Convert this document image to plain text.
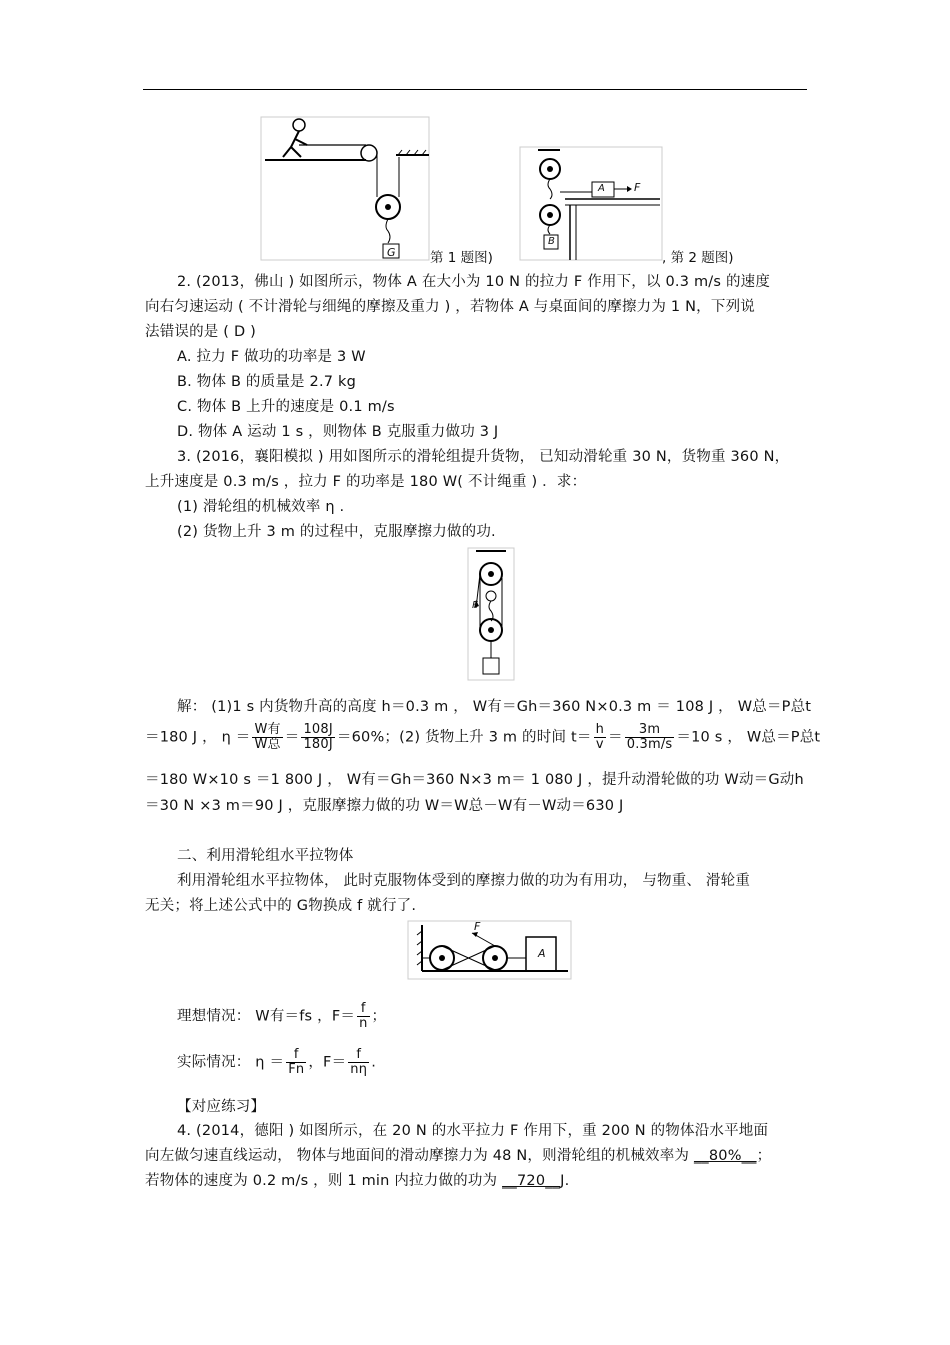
G	第 1 题图)
A	F
B
, 第 2 题图)
2. (2013，佛山 ) 如图所示，物体 A 在大小为 10 N 的拉力 F 作用下，以 0.3 m/s 的速度
向右匀速运动 ( 不计滑轮与细绳的摩擦及重力 ) ，若物体 A 与桌面间的摩擦力为 1 N，下列说
法错误的是 ( D )
A. 拉力 F 做功的功率是 3 W
B. 物体 B 的质量是 2.7 kg
C. 物体 B 上升的速度是 0.1 m/s
D. 物体 A 运动 1 s ，则物体 B 克服重力做功 3 J
3. (2016，襄阳模拟 ) 用如图所示的滑轮组提升货物， 已知动滑轮重 30 N，货物重 360 N，
上升速度是 0.3 m/s ，拉力 F 的功率是 180 W( 不计绳重 ) ．求：
(1) 滑轮组的机械效率 η .
(2) 货物上升 3 m 的过程中，克服摩擦力做的功.
F
解： (1)1 s 内货物升高的高度 h＝0.3 m ， W有＝Gh＝360 N×0.3 m ＝ 108 J ， W总＝P总t
＝180 J ， $\eta = \frac{\text{W有}}{\text{W总}} = \frac{108J}{180J} =60\%$；(2) 货物上升 3 m 的时间 $t= \frac{h}{v} = \frac{3m}{0.3m/s} =10$ s ， W总＝P总t
＝180 W×10 s ＝1 800 J ， W有＝Gh＝360 N×3 m＝ 1 080 J ，提升动滑轮做的功 W动＝G动h
＝30 N ×3 m＝90 J ，克服摩擦力做的功 W＝W总－W有－W动＝630 J
二、利用滑轮组水平拉物体
利用滑轮组水平拉物体， 此时克服物体受到的摩擦力做的功为有用功， 与物重、 滑轮重
无关；将上述公式中的 G物换成 f 就行了.
F
A
理想情况： W有＝fs ，$F= \frac{f}{n}$ ；
实际情况： $\eta = \frac{f}{Fn}$ ，$F= \frac{f}{n\eta}$ .
【对应练习】
4. (2014，德阳 ) 如图所示，在 20 N 的水平拉力 F 作用下，重 200 N 的物体沿水平地面
向左做匀速直线运动， 物体与地面间的滑动摩擦力为 48 N，则滑轮组的机械效率为 __80%__；
若物体的速度为 0.2 m/s ，则 1 min 内拉力做的功为 __720__J.
